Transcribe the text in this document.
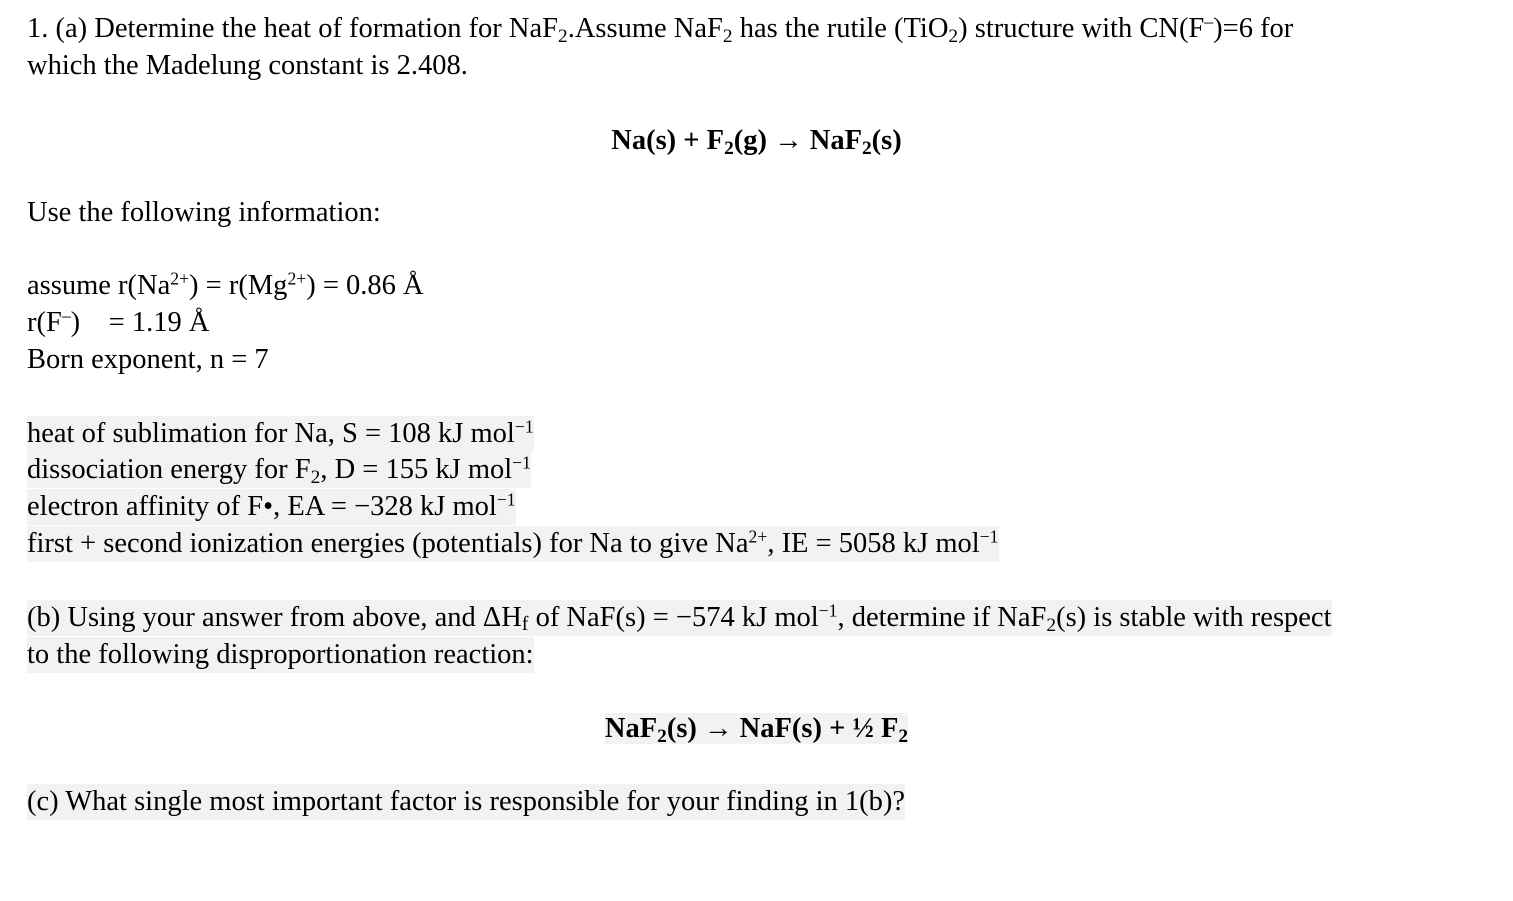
1. (a) Determine the heat of formation for NaF$_2$.Assume NaF$_2$ has the rutile (TiO$_2$) structure with CN(F–)=6 for
which the Madelung constant is 2.408.
$Na(s) + F_2(g) \to NaF_2(s)$
Use the following information:
assume $r(Na^{2+}) = r(Mg^{2+}) = 0.86$ Å
r(F–)    = 1.19 Å
Born exponent, n = 7
heat of sublimation for Na, S = 108 kJ mol$^{-1}$
dissociation energy for $F_2$, D = 155 kJ mol$^{-1}$
electron affinity of F•, EA = −328 kJ mol$^{-1}$
first + second ionization energies (potentials) for Na to give $Na^{2+}$, IE = 5058 kJ mol$^{-1}$
(b) Using your answer from above, and ΔHf of NaF(s) = −574 kJ mol$^{-1}$, determine if NaF$_2$(s) is stable with respect
to the following disproportionation reaction:
NaF$_2$(s) → NaF(s) + ½ $F_2$
(c) What single most important factor is responsible for your finding in 1(b)?
